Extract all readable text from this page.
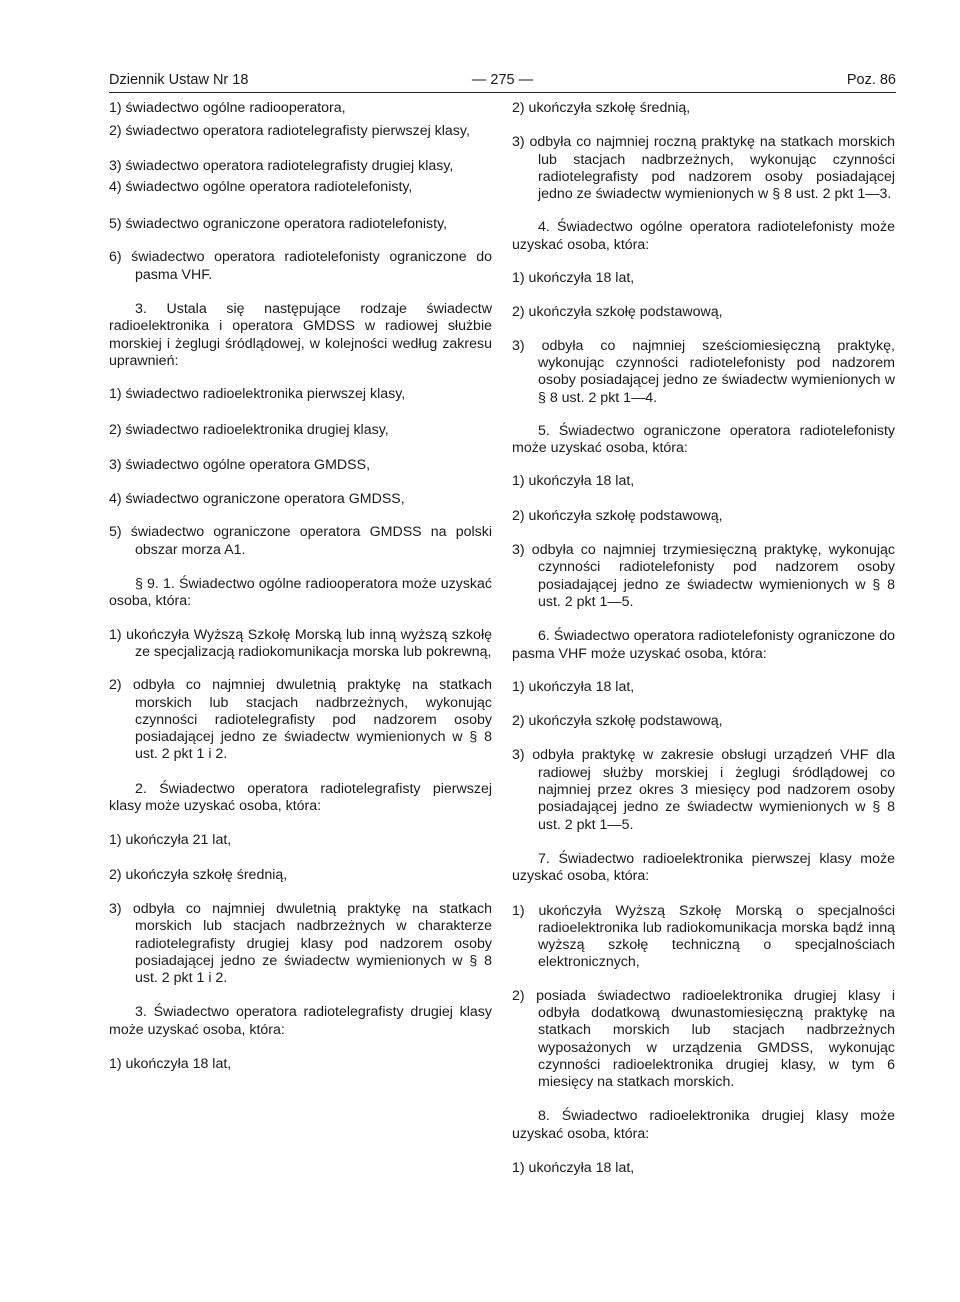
Dziennik Ustaw Nr 18	— 275 —	Poz. 86

1) świadectwo ogólne radiooperatora,

2) świadectwo operatora radiotelegrafisty pierwszej klasy,

3) świadectwo operatora radiotelegrafisty drugiej klasy,

4) świadectwo ogólne operatora radiotelefonisty,

5) świadectwo ograniczone operatora radiotelefonisty,

6) świadectwo operatora radiotelefonisty ograniczone do pasma VHF.

3. Ustala się następujące rodzaje świadectw radioelektronika i operatora GMDSS w radiowej służbie morskiej i żeglugi śródlądowej, w kolejności według zakresu uprawnień:

1) świadectwo radioelektronika pierwszej klasy,

2) świadectwo radioelektronika drugiej klasy,

3) świadectwo ogólne operatora GMDSS,

4) świadectwo ograniczone operatora GMDSS,

5) świadectwo ograniczone operatora GMDSS na polski obszar morza A1.

§ 9. 1. Świadectwo ogólne radiooperatora może uzyskać osoba, która:

1) ukończyła Wyższą Szkołę Morską lub inną wyższą szkołę ze specjalizacją radiokomunikacja morska lub pokrewną,

2) odbyła co najmniej dwuletnią praktykę na statkach morskich lub stacjach nadbrzeżnych, wykonując czynności radiotelegrafisty pod nadzorem osoby posiadającej jedno ze świadectw wymienionych w § 8 ust. 2 pkt 1 i 2.

2. Świadectwo operatora radiotelegrafisty pierwszej klasy może uzyskać osoba, która:

1) ukończyła 21 lat,

2) ukończyła szkołę średnią,

3) odbyła co najmniej dwuletnią praktykę na statkach morskich lub stacjach nadbrzeżnych w charakterze radiotelegrafisty drugiej klasy pod nadzorem osoby posiadającej jedno ze świadectw wymienionych w § 8 ust. 2 pkt 1 i 2.

3. Świadectwo operatora radiotelegrafisty drugiej klasy może uzyskać osoba, która:

1) ukończyła 18 lat,

2) ukończyła szkołę średnią,

3) odbyła co najmniej roczną praktykę na statkach morskich lub stacjach nadbrzeżnych, wykonując czynności radiotelegrafisty pod nadzorem osoby posiadającej jedno ze świadectw wymienionych w § 8 ust. 2 pkt 1—3.

4. Świadectwo ogólne operatora radiotelefonisty może uzyskać osoba, która:

1) ukończyła 18 lat,

2) ukończyła szkołę podstawową,

3) odbyła co najmniej sześciomiesięczną praktykę, wykonując czynności radiotelefonisty pod nadzorem osoby posiadającej jedno ze świadectw wymienionych w § 8 ust. 2 pkt 1—4.

5. Świadectwo ograniczone operatora radiotelefonisty może uzyskać osoba, która:

1) ukończyła 18 lat,

2) ukończyła szkołę podstawową,

3) odbyła co najmniej trzymiesięczną praktykę, wykonując czynności radiotelefonisty pod nadzorem osoby posiadającej jedno ze świadectw wymienionych w § 8 ust. 2 pkt 1—5.

6. Świadectwo operatora radiotelefonisty ograniczone do pasma VHF może uzyskać osoba, która:

1) ukończyła 18 lat,

2) ukończyła szkołę podstawową,

3) odbyła praktykę w zakresie obsługi urządzeń VHF dla radiowej służby morskiej i żeglugi śródlądowej co najmniej przez okres 3 miesięcy pod nadzorem osoby posiadającej jedno ze świadectw wymienionych w § 8 ust. 2 pkt 1—5.

7. Świadectwo radioelektronika pierwszej klasy może uzyskać osoba, która:

1) ukończyła Wyższą Szkołę Morską o specjalności radioelektronika lub radiokomunikacja morska bądź inną wyższą szkołę techniczną o specjalnościach elektronicznych,

2) posiada świadectwo radioelektronika drugiej klasy i odbyła dodatkową dwunastomiesięczną praktykę na statkach morskich lub stacjach nadbrzeżnych wyposażonych w urządzenia GMDSS, wykonując czynności radioelektronika drugiej klasy, w tym 6 miesięcy na statkach morskich.

8. Świadectwo radioelektronika drugiej klasy może uzyskać osoba, która:

1) ukończyła 18 lat,
